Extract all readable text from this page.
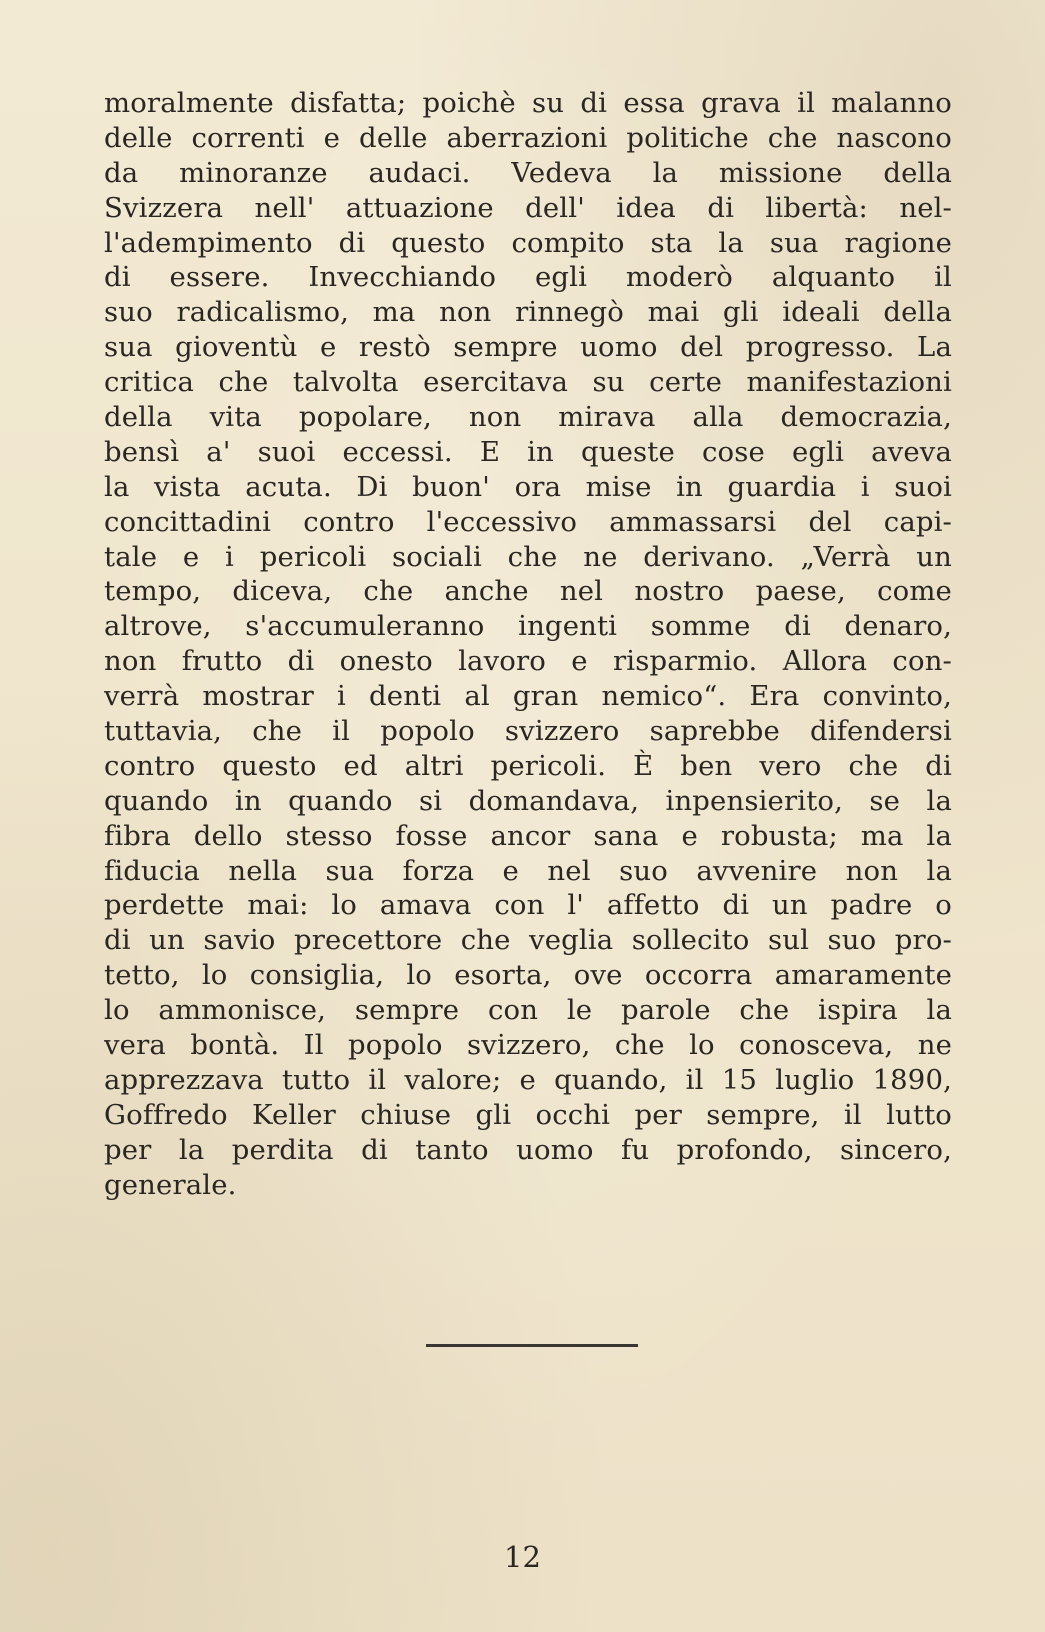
moralmente disfatta; poichè su di essa grava il malanno
delle correnti e delle aberrazioni politiche che nascono
da minoranze audaci. Vedeva la missione della
Svizzera nell' attuazione dell' idea di libertà: nel-
l'adempimento di questo compito sta la sua ragione
di essere. Invecchiando egli moderò alquanto il
suo radicalismo, ma non rinnegò mai gli ideali della
sua gioventù e restò sempre uomo del progresso. La
critica che talvolta esercitava su certe manifestazioni
della vita popolare, non mirava alla democrazia,
bensì a' suoi eccessi. E in queste cose egli aveva
la vista acuta. Di buon' ora mise in guardia i suoi
concittadini contro l'eccessivo ammassarsi del capi-
tale e i pericoli sociali che ne derivano. „Verrà un
tempo, diceva, che anche nel nostro paese, come
altrove, s'accumuleranno ingenti somme di denaro,
non frutto di onesto lavoro e risparmio. Allora con-
verrà mostrar i denti al gran nemico“. Era convinto,
tuttavia, che il popolo svizzero saprebbe difendersi
contro questo ed altri pericoli. È ben vero che di
quando in quando si domandava, inpensierito, se la
fibra dello stesso fosse ancor sana e robusta; ma la
fiducia nella sua forza e nel suo avvenire non la
perdette mai: lo amava con l' affetto di un padre o
di un savio precettore che veglia sollecito sul suo pro-
tetto, lo consiglia, lo esorta, ove occorra amaramente
lo ammonisce, sempre con le parole che ispira la
vera bontà. Il popolo svizzero, che lo conosceva, ne
apprezzava tutto il valore; e quando, il 15 luglio 1890,
Goffredo Keller chiuse gli occhi per sempre, il lutto
per la perdita di tanto uomo fu profondo, sincero,
generale.
12
